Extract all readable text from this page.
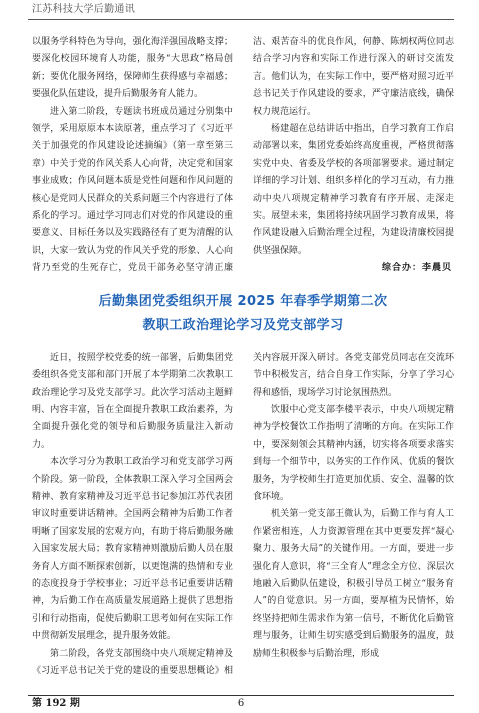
江苏科技大学后勤通讯

以服务学科特色为导向，强化海洋强国战略支撑；要深化校园环境育人功能，服务“大思政”格局创新；要优化服务网络，保障师生获得感与幸福感；要强化队伍建设，提升后勤服务育人能力。

进入第二阶段，专题读书班成员通过分别集中领学，采用原原本本读原著，重点学习了《习近平关于加强党的作风建设论述摘编》（第一章至第三章）中关于党的作风关系人心向背，决定党和国家事业成败；作风问题本质是党性问题和作风问题的核心是党同人民群众的关系问题三个内容进行了体系化的学习。通过学习同志们对党的作风建设的重要意义、目标任务以及实践路径有了更为清醒的认识，大家一致认为党的作风关乎党的形象、人心向背乃至党的生死存亡，党员干部务必坚守清正廉洁、艰苦奋斗的优良作风，何静、陈炳权两位同志结合学习内容和实际工作进行深入的研讨交流发言。他们认为，在实际工作中，要严格对照习近平总书记关于作风建设的要求，严守廉洁底线，确保权力规范运行。

杨建超在总结讲话中指出，自学习教育工作启动部署以来，集团党委始终高度重视，严格贯彻落实党中央、省委及学校的各项部署要求。通过制定详细的学习计划、组织多样化的学习互动，有力推动中央八项规定精神学习教育有序开展、走深走实。展望未来，集团将持续巩固学习教育成果，将作风建设融入后勤治理全过程，为建设清廉校园提供坚强保障。

综合办：李晨贝
后勤集团党委组织开展 2025 年春季学期第二次
教职工政治理论学习及党支部学习

近日，按照学校党委的统一部署，后勤集团党委组织各党支部和部门开展了本学期第二次教职工政治理论学习及党支部学习。此次学习活动主题鲜明、内容丰富，旨在全面提升教职工政治素养，为全面提升强化党的领导和后勤服务质量注入新动力。

本次学习分为教职工政治学习和党支部学习两个阶段。第一阶段，全体教职工深入学习全国两会精神、教育家精神及习近平总书记参加江苏代表团审议时重要讲话精神。全国两会精神为后勤工作者明晰了国家发展的宏观方向，有助于将后勤服务融入国家发展大局；教育家精神则激励后勤人员在服务育人方面不断探索创新，以更饱满的热情和专业的态度投身于学校事业；习近平总书记重要讲话精神，为后勤工作在高质量发展道路上提供了思想指引和行动指南，促使后勤职工思考如何在实际工作中贯彻新发展理念，提升服务效能。

第二阶段，各党支部围绕中央八项规定精神及《习近平总书记关于党的建设的重要思想概论》相关内容展开深入研讨。各党支部党员同志在交流环节中积极发言，结合自身工作实际，分享了学习心得和感悟，现场学习讨论氛围热烈。

饮服中心党支部李楼平表示，中央八项规定精神为学校餐饮工作指明了清晰的方向。在实际工作中，要深刻领会其精神内涵，切实将各项要求落实到每一个细节中，以务实的工作作风、优质的餐饮服务，为学校师生打造更加优质、安全、温馨的饮食环境。

机关第一党支部王微认为，后勤工作与育人工作紧密相连，人力资源管理在其中更要发挥“凝心聚力、服务大局”的关键作用。一方面，要进一步强化育人意识，将“三全育人”理念全方位、深层次地融入后勤队伍建设，积极引导员工树立“服务育人”的自觉意识。另一方面，要厚植为民情怀，始终坚持把师生需求作为第一信号，不断优化后勤管理与服务，让师生切实感受到后勤服务的温度，鼓励师生积极参与后勤治理，形成

第 192 期	6
